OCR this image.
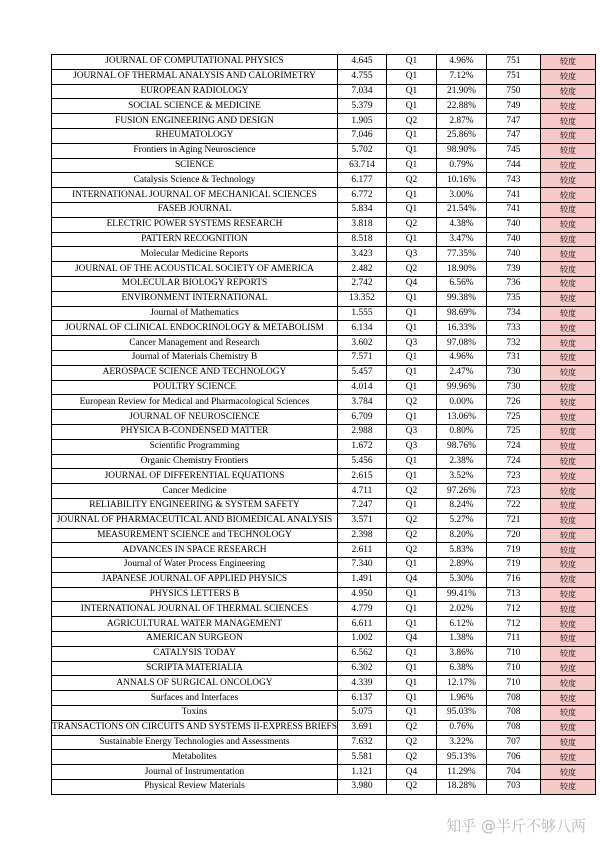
JOURNAL OF COMPUTATIONAL PHYSICS	4.645	Q1	4.96%	751	较度
JOURNAL OF THERMAL ANALYSIS AND CALORIMETRY	4.755	Q1	7.12%	751	较度
EUROPEAN RADIOLOGY	7.034	Q1	21.90%	750	较度
SOCIAL SCIENCE & MEDICINE	5.379	Q1	22.88%	749	较度
FUSION ENGINEERING AND DESIGN	1.905	Q2	2.87%	747	较度
RHEUMATOLOGY	7.046	Q1	25.86%	747	较度
Frontiers in Aging Neuroscience	5.702	Q1	98.90%	745	较度
SCIENCE	63.714	Q1	0.79%	744	较度
Catalysis Science & Technology	6.177	Q2	10.16%	743	较度
INTERNATIONAL JOURNAL OF MECHANICAL SCIENCES	6.772	Q1	3.00%	741	较度
FASEB JOURNAL	5.834	Q1	21.54%	741	较度
ELECTRIC POWER SYSTEMS RESEARCH	3.818	Q2	4.38%	740	较度
PATTERN RECOGNITION	8.518	Q1	3.47%	740	较度
Molecular Medicine Reports	3.423	Q3	77.35%	740	较度
JOURNAL OF THE ACOUSTICAL SOCIETY OF AMERICA	2.482	Q2	18.90%	739	较度
MOLECULAR BIOLOGY REPORTS	2.742	Q4	6.56%	736	较度
ENVIRONMENT INTERNATIONAL	13.352	Q1	99.38%	735	较度
Journal of Mathematics	1.555	Q1	98.69%	734	较度
JOURNAL OF CLINICAL ENDOCRINOLOGY & METABOLISM	6.134	Q1	16.33%	733	较度
Cancer Management and Research	3.602	Q3	97.08%	732	较度
Journal of Materials Chemistry B	7.571	Q1	4.96%	731	较度
AEROSPACE SCIENCE AND TECHNOLOGY	5.457	Q1	2.47%	730	较度
POULTRY SCIENCE	4.014	Q1	99.96%	730	较度
European Review for Medical and Pharmacological Sciences	3.784	Q2	0.00%	726	较度
JOURNAL OF NEUROSCIENCE	6.709	Q1	13.06%	725	较度
PHYSICA B-CONDENSED MATTER	2.988	Q3	0.80%	725	较度
Scientific Programming	1.672	Q3	98.76%	724	较度
Organic Chemistry Frontiers	5.456	Q1	2.38%	724	较度
JOURNAL OF DIFFERENTIAL EQUATIONS	2.615	Q1	3.52%	723	较度
Cancer Medicine	4.711	Q2	97.26%	723	较度
RELIABILITY ENGINEERING & SYSTEM SAFETY	7.247	Q1	8.24%	722	较度
JOURNAL OF PHARMACEUTICAL AND BIOMEDICAL ANALYSIS	3.571	Q2	5.27%	721	较度
MEASUREMENT SCIENCE and TECHNOLOGY	2.398	Q2	8.20%	720	较度
ADVANCES IN SPACE RESEARCH	2.611	Q2	5.83%	719	较度
Journal of Water Process Engineering	7.340	Q1	2.89%	719	较度
JAPANESE JOURNAL OF APPLIED PHYSICS	1.491	Q4	5.30%	716	较度
PHYSICS LETTERS B	4.950	Q1	99.41%	713	较度
INTERNATIONAL JOURNAL OF THERMAL SCIENCES	4.779	Q1	2.02%	712	较度
AGRICULTURAL WATER MANAGEMENT	6.611	Q1	6.12%	712	较度
AMERICAN SURGEON	1.002	Q4	1.38%	711	较度
CATALYSIS TODAY	6.562	Q1	3.86%	710	较度
SCRIPTA MATERIALIA	6.302	Q1	6.38%	710	较度
ANNALS OF SURGICAL ONCOLOGY	4.339	Q1	12.17%	710	较度
Surfaces and Interfaces	6.137	Q1	1.96%	708	较度
Toxins	5.075	Q1	95.03%	708	较度
TRANSACTIONS ON CIRCUITS AND SYSTEMS II-EXPRESS BRIEFS	3.691	Q2	0.76%	708	较度
Sustainable Energy Technologies and Assessments	7.632	Q2	3.22%	707	较度
Metabolites	5.581	Q2	95.13%	706	较度
Journal of Instrumentation	1.121	Q4	11.29%	704	较度
Physical Review Materials	3.980	Q2	18.28%	703	较度
知乎 @半斤不够八两
